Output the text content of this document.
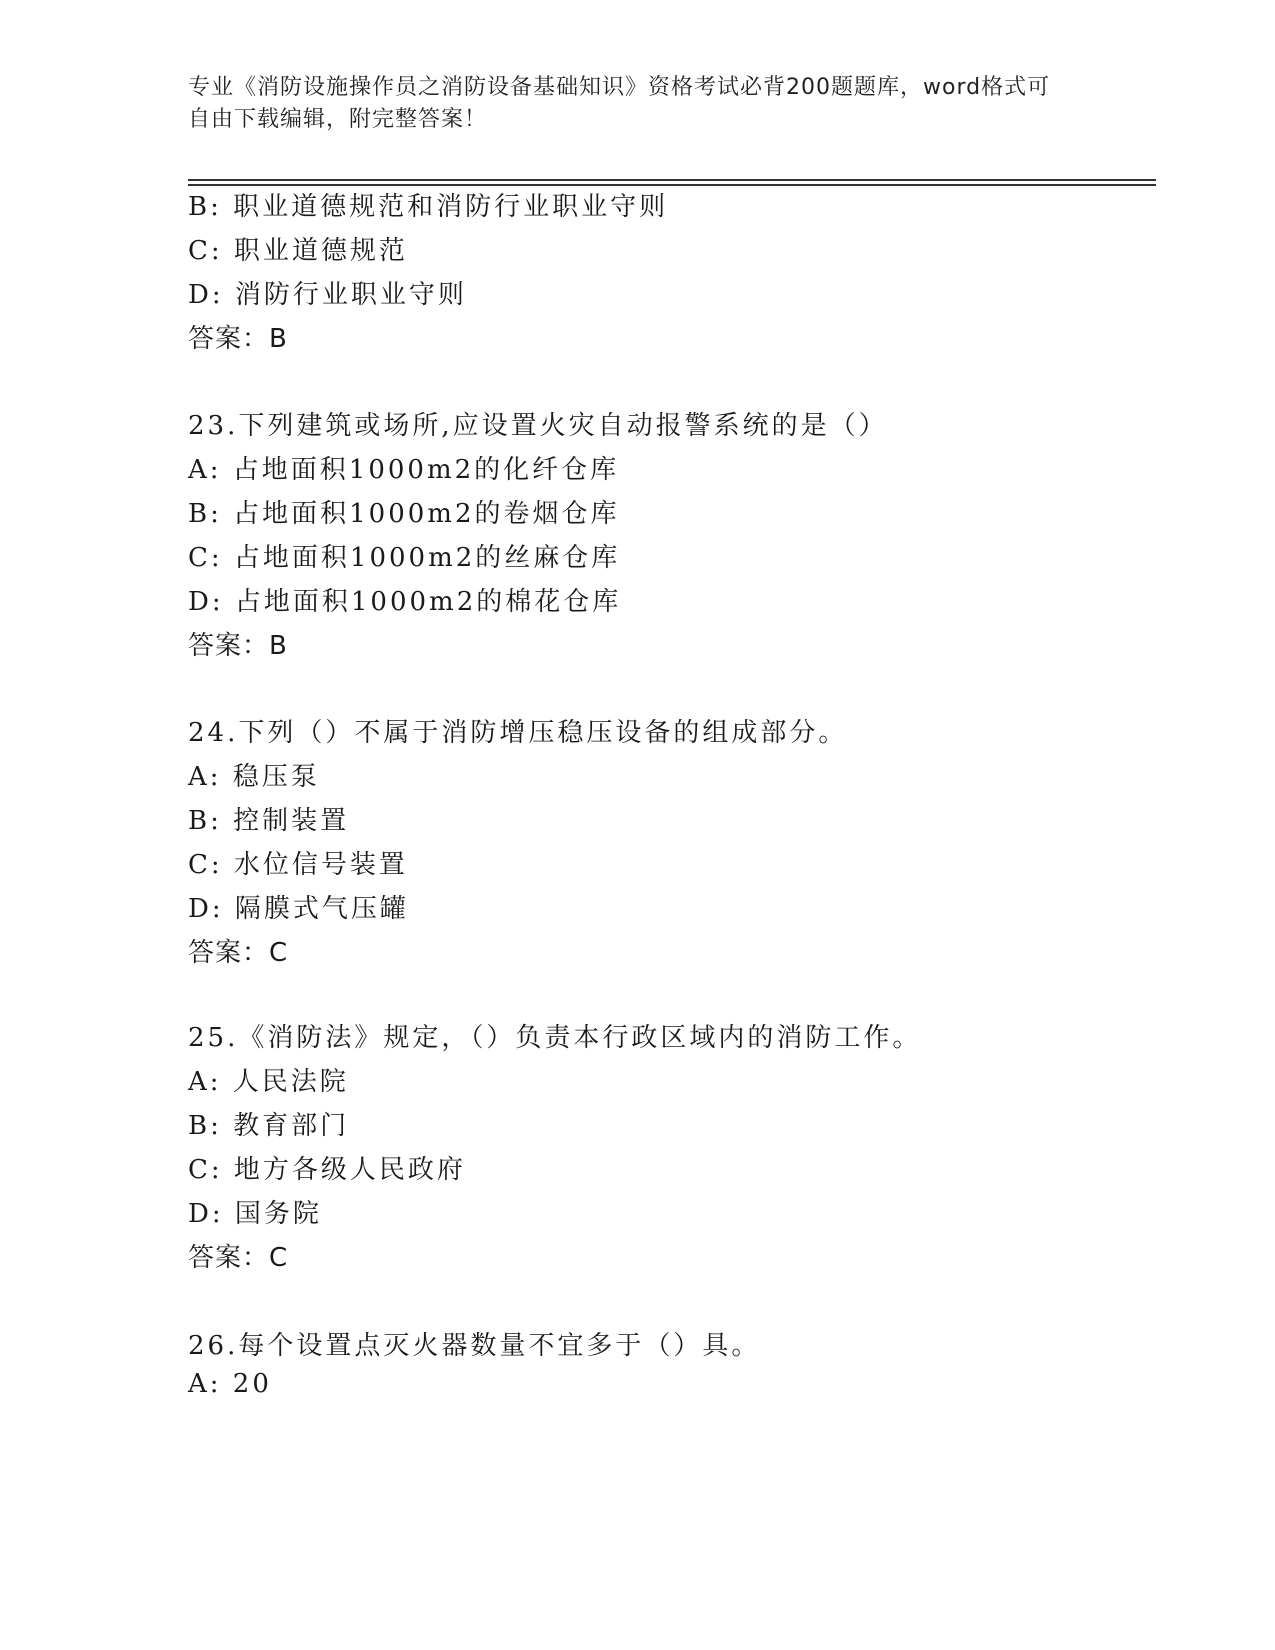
专业《消防设施操作员之消防设备基础知识》资格考试必背200题题库，word格式可自由下载编辑，附完整答案！
B: 职业道德规范和消防行业职业守则
C: 职业道德规范
D: 消防行业职业守则
答案：B
23.下列建筑或场所,应设置火灾自动报警系统的是（）
A: 占地面积1000m2的化纤仓库
B: 占地面积1000m2的卷烟仓库
C: 占地面积1000m2的丝麻仓库
D: 占地面积1000m2的棉花仓库
答案：B
24.下列（）不属于消防增压稳压设备的组成部分。
A: 稳压泵
B: 控制装置
C: 水位信号装置
D: 隔膜式气压罐
答案：C
25.《消防法》规定，（）负责本行政区域内的消防工作。
A: 人民法院
B: 教育部门
C: 地方各级人民政府
D: 国务院
答案：C
26.每个设置点灭火器数量不宜多于（）具。
A: 20
